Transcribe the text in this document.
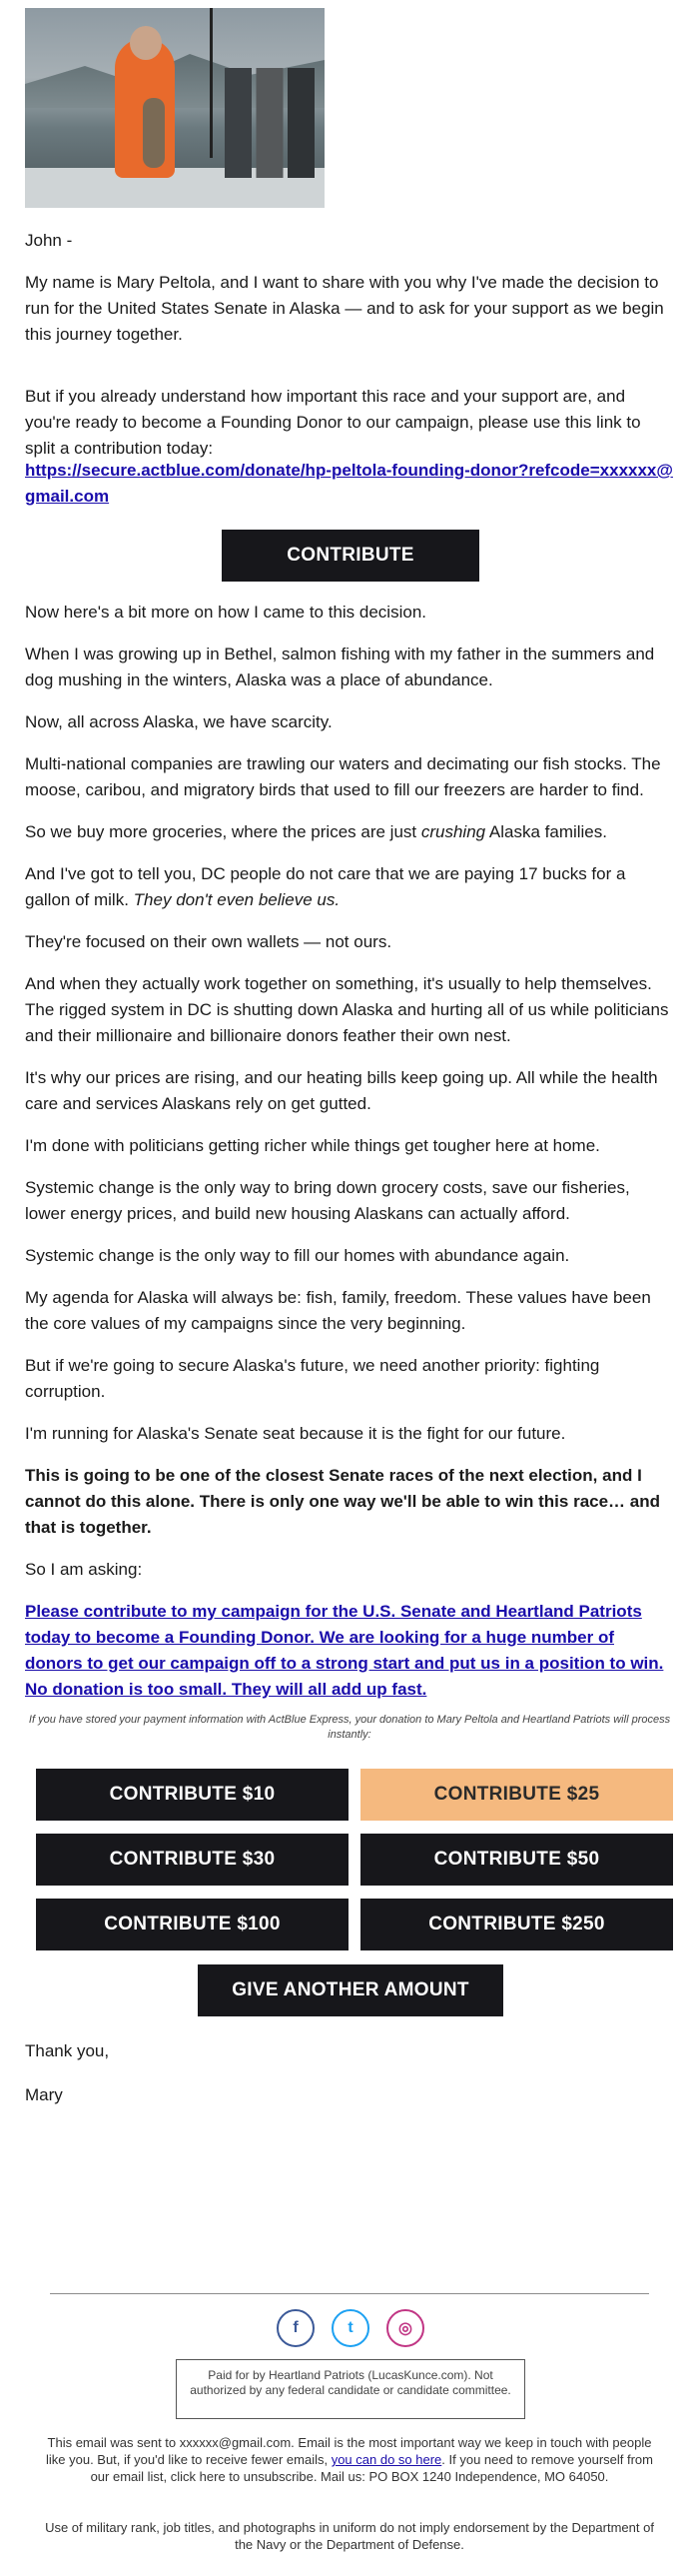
John -

My name is Mary Peltola, and I want to share with you why I've made the decision to run for the United States Senate in Alaska — and to ask for your support as we begin this journey together.

But if you already understand how important this race and your support are, and you're ready to become a Founding Donor to our campaign, please use this link to split a contribution today:

https://secure.actblue.com/donate/hp-peltola-founding-donor?refcode=xxxxxx@gmail.com

CONTRIBUTE

Now here's a bit more on how I came to this decision.

When I was growing up in Bethel, salmon fishing with my father in the summers and dog mushing in the winters, Alaska was a place of abundance.

Now, all across Alaska, we have scarcity.

Multi-national companies are trawling our waters and decimating our fish stocks. The moose, caribou, and migratory birds that used to fill our freezers are harder to find.

So we buy more groceries, where the prices are just crushing Alaska families.

And I've got to tell you, DC people do not care that we are paying 17 bucks for a gallon of milk. They don't even believe us.

They're focused on their own wallets — not ours.

And when they actually work together on something, it's usually to help themselves. The rigged system in DC is shutting down Alaska and hurting all of us while politicians and their millionaire and billionaire donors feather their own nest.

It's why our prices are rising, and our heating bills keep going up. All while the health care and services Alaskans rely on get gutted.

I'm done with politicians getting richer while things get tougher here at home.

Systemic change is the only way to bring down grocery costs, save our fisheries, lower energy prices, and build new housing Alaskans can actually afford.

Systemic change is the only way to fill our homes with abundance again.

My agenda for Alaska will always be: fish, family, freedom. These values have been the core values of my campaigns since the very beginning.

But if we're going to secure Alaska's future, we need another priority: fighting corruption.

I'm running for Alaska's Senate seat because it is the fight for our future.

This is going to be one of the closest Senate races of the next election, and I cannot do this alone. There is only one way we'll be able to win this race… and that is together.

So I am asking:

Please contribute to my campaign for the U.S. Senate and Heartland Patriots today to become a Founding Donor. We are looking for a huge number of donors to get our campaign off to a strong start and put us in a position to win. No donation is too small. They will all add up fast.

If you have stored your payment information with ActBlue Express, your donation to Mary Peltola and Heartland Patriots will process instantly:
CONTRIBUTE $10	CONTRIBUTE $25
CONTRIBUTE $30	CONTRIBUTE $50
CONTRIBUTE $100	CONTRIBUTE $250
GIVE ANOTHER AMOUNT

Thank you,

Mary

f	t	◎
Paid for by Heartland Patriots (LucasKunce.com). Not authorized by any federal candidate or candidate committee.
This email was sent to xxxxxx@gmail.com. Email is the most important way we keep in touch with people like you. But, if you'd like to receive fewer emails, you can do so here. If you need to remove yourself from our email list, click here to unsubscribe. Mail us: PO BOX 1240 Independence, MO 64050.
Use of military rank, job titles, and photographs in uniform do not imply endorsement by the Department of the Navy or the Department of Defense.
